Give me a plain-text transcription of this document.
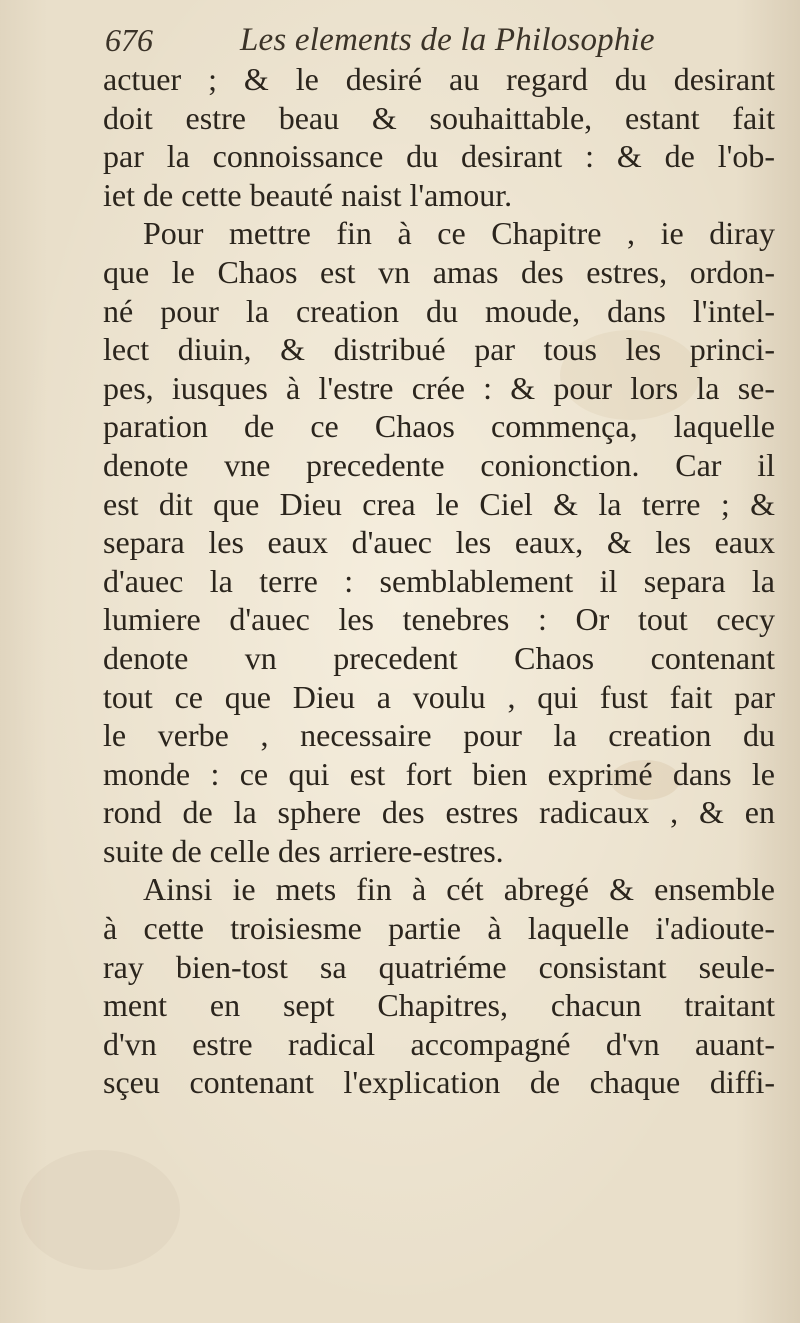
676	Les elements de la Philosophie
actuer ; & le desiré au regard du desirant
doit estre beau & souhaittable, estant fait
par la connoissance du desirant : & de l'ob-
iet de cette beauté naist l'amour.
Pour mettre fin à ce Chapitre , ie diray
que le Chaos est vn amas des estres, ordon-
né pour la creation du moude, dans l'intel-
lect diuin, & distribué par tous les princi-
pes, iusques à l'estre crée : & pour lors la se-
paration de ce Chaos commença, laquelle
denote vne precedente conionction. Car il
est dit que Dieu crea le Ciel & la terre ; &
separa les eaux d'auec les eaux, & les eaux
d'auec la terre : semblablement il separa la
lumiere d'auec les tenebres : Or tout cecy
denote vn precedent Chaos contenant
tout ce que Dieu a voulu , qui fust fait par
le verbe , necessaire pour la creation du
monde : ce qui est fort bien exprimé dans le
rond de la sphere des estres radicaux , & en
suite de celle des arriere-estres.
Ainsi ie mets fin à cét abregé & ensemble
à cette troisiesme partie à laquelle i'adioute-
ray bien-tost sa quatriéme consistant seule-
ment en sept Chapitres, chacun traitant
d'vn estre radical accompagné d'vn auant-
sçeu contenant l'explication de chaque diffi-
